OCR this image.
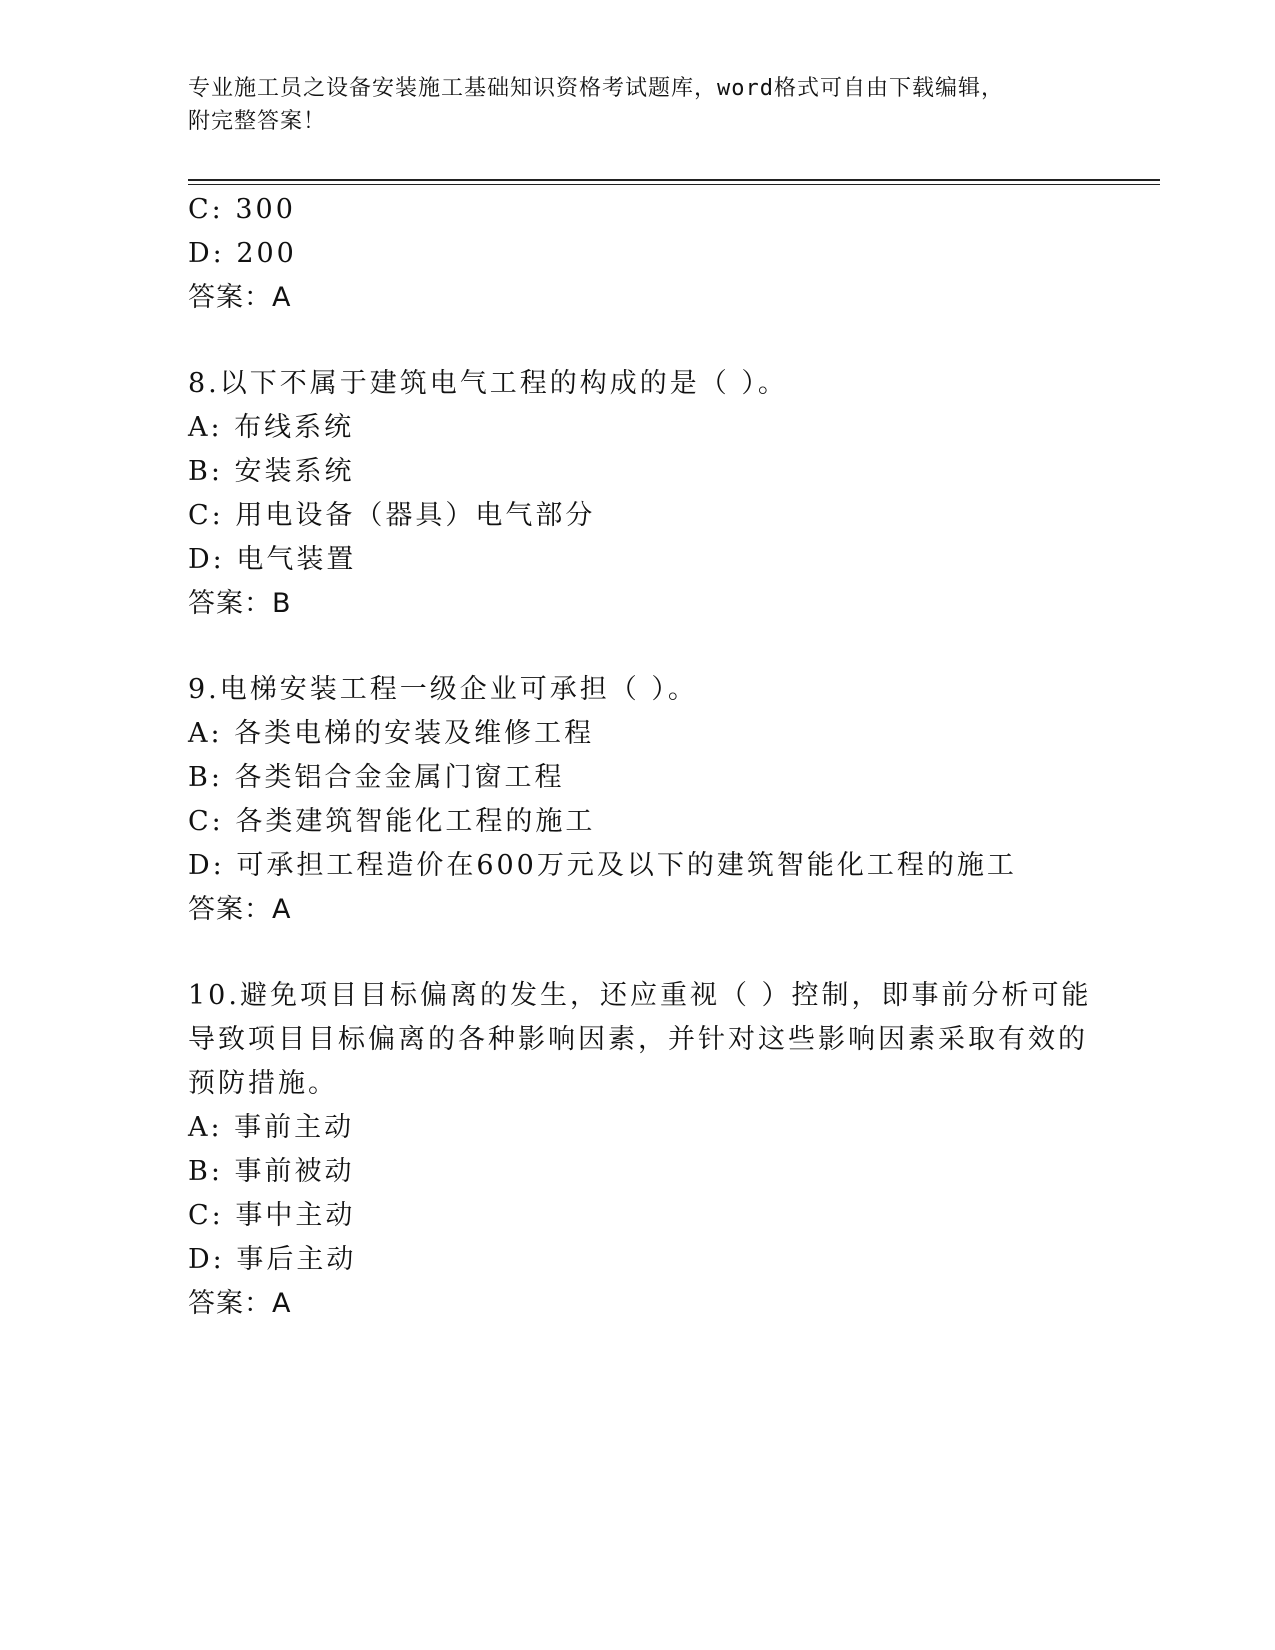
专业施工员之设备安装施工基础知识资格考试题库，word格式可自由下载编辑，
附完整答案！
C: 300
D: 200
答案：A
8.以下不属于建筑电气工程的构成的是（ ）。
A: 布线系统
B: 安装系统
C: 用电设备（器具）电气部分
D: 电气装置
答案：B
9.电梯安装工程一级企业可承担（ ）。
A: 各类电梯的安装及维修工程
B: 各类铝合金金属门窗工程
C: 各类建筑智能化工程的施工
D: 可承担工程造价在600万元及以下的建筑智能化工程的施工
答案：A
10.避免项目目标偏离的发生，还应重视（ ）控制，即事前分析可能
导致项目目标偏离的各种影响因素，并针对这些影响因素采取有效的
预防措施。
A: 事前主动
B: 事前被动
C: 事中主动
D: 事后主动
答案：A
